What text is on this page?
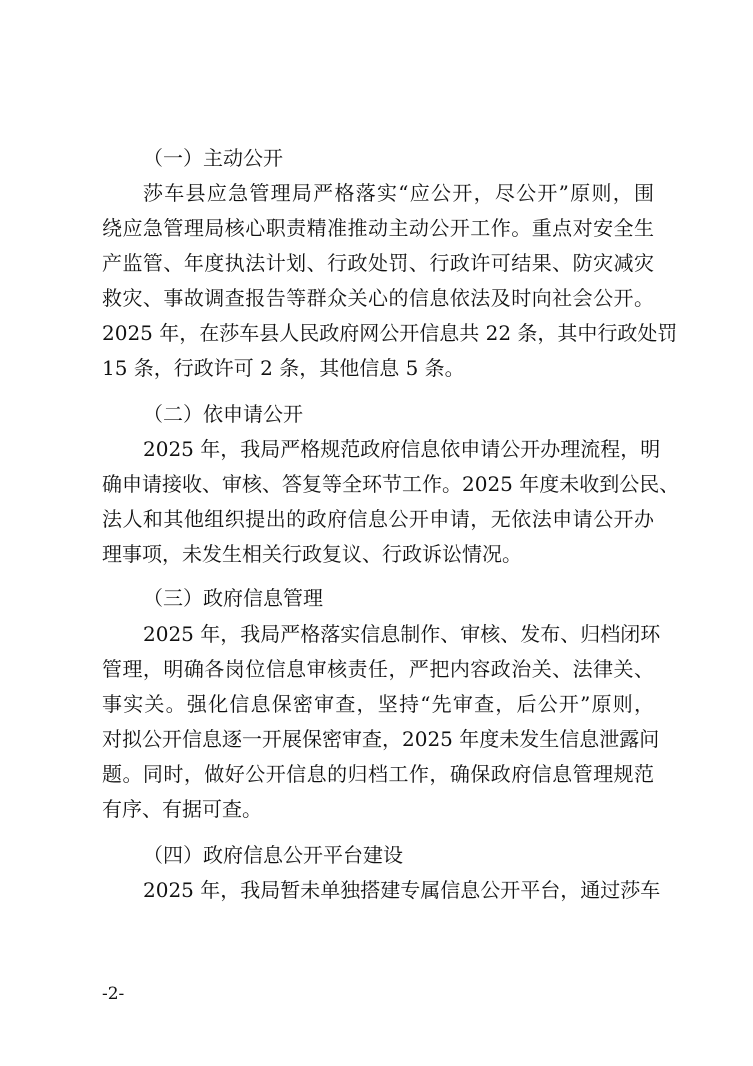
（一）主动公开
莎车县应急管理局严格落实“应公开，尽公开”原则，围
绕应急管理局核心职责精准推动主动公开工作。重点对安全生
产监管、年度执法计划、行政处罚、行政许可结果、防灾减灾
救灾、事故调查报告等群众关心的信息依法及时向社会公开。
2025 年，在莎车县人民政府网公开信息共 22 条，其中行政处罚
15 条，行政许可 2 条，其他信息 5 条。
（二）依申请公开
2025 年，我局严格规范政府信息依申请公开办理流程，明
确申请接收、审核、答复等全环节工作。2025 年度未收到公民、
法人和其他组织提出的政府信息公开申请，无依法申请公开办
理事项，未发生相关行政复议、行政诉讼情况。
（三）政府信息管理
2025 年，我局严格落实信息制作、审核、发布、归档闭环
管理，明确各岗位信息审核责任，严把内容政治关、法律关、
事实关。强化信息保密审查，坚持“先审查，后公开”原则，
对拟公开信息逐一开展保密审查，2025 年度未发生信息泄露问
题。同时，做好公开信息的归档工作，确保政府信息管理规范
有序、有据可查。
（四）政府信息公开平台建设
2025 年，我局暂未单独搭建专属信息公开平台，通过莎车
-2-
